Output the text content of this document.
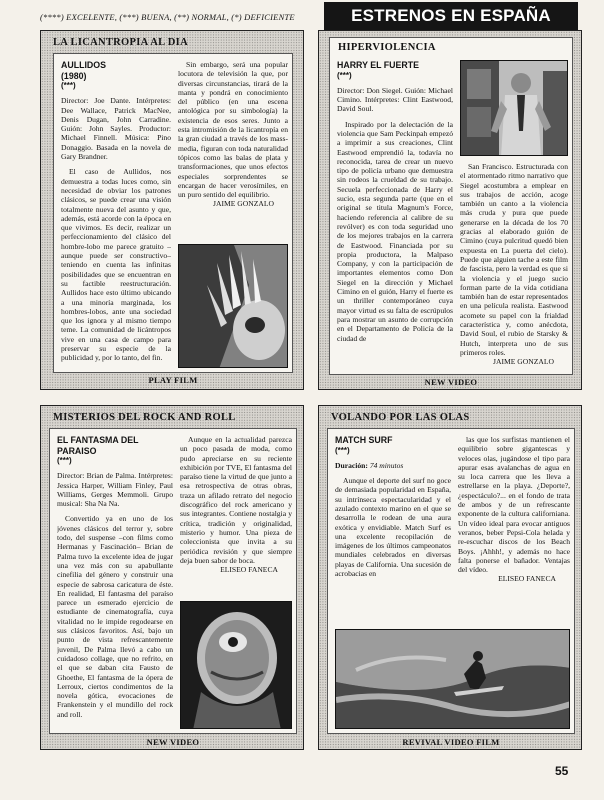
(****) EXCELENTE, (***) BUENA, (**) NORMAL, (*) DEFICIENTE	ESTRENOS EN ESPAÑA
LA LICANTROPIA AL DIA
AULLIDOS
(1980)
(***)
Director: Joe Dante. Intérpretes: Dee Wallace, Patrick MacNee, Denis Dugan, John Carradine. Guión: John Sayles. Productor: Michael Finnell. Música: Pino Donaggio. Basada en la novela de Gary Brandner.

El caso de Aullidos, nos demuestra a todas luces como, sin necesidad de obviar los patrones clásicos, se puede crear una visión totalmente nueva del asunto y que, además, está acorde con la época en que vivimos. Es decir, realizar un perfeccionamiento del clásico del hombre-lobo me parece gratuito –aunque puede ser constructivo– teniendo en cuenta las infinitas posibilidades que se encuentran en su factible reestructuración. Aullidos hace esto último ubicando a una minoría marginada, los hombres-lobos, ante una sociedad que los ignora y al mismo tiempo teme. La comunidad de licántropos vive en una casa de campo para preservar su especie de la publicidad y, por lo tanto, del fin.

Sin embargo, será una popular locutora de televisión la que, por diversas circunstancias, tirará de la manta y pondrá en conocimiento del público (en una escena antológica por su simbología) la existencia de esos seres. Junto a esta intromisión de la licantropía en la gran ciudad a través de los mass-media, figuran con toda naturalidad tópicos como las balas de plata y transformaciones, que unos efectos especiales sorprendentes se encargan de hacer verosímiles, en un puro sentido del equilibrio.

JAIME GONZALO
PLAY FILM
HIPERVIOLENCIA
HARRY EL FUERTE
(***)
Director: Don Siegel. Guión: Michael Cimino. Intérpretes: Clint Eastwood, David Soul.

Inspirado por la delectación de la violencia que Sam Peckinpah empezó a imprimir a sus creaciones, Clint Eastwood emprendió la, todavía no reconocida, tarea de crear un nuevo tipo de policía urbano que demuestra sin rodeos la crueldad de su trabajo. Secuela perfeccionada de Harry el sucio, esta segunda parte (que en el original se titula Magnum's Force, haciendo referencia al calibre de su revólver) es con toda seguridad uno de los mejores trabajos en la carrera de Eastwood. Financiada por su propia productora, la Malpaso Company, y con la participación de importantes elementos como Don Siegel en la dirección y Michael Cimino en el guión, Harry el fuerte es un thriller contemporáneo cuya mayor virtud es su falta de escrúpulos para mostrar un asunto de corrupción en el Departamento de Policía de la ciudad de

San Francisco. Estructurada con el atormentado ritmo narrativo que Siegel acostumbra a emplear en sus trabajos de acción, acoge también un canto a la violencia más cruda y pura que puede generarse en la década de los 70 gracias al elaborado guión de Cimino (cuya pulcritud quedó bien expuesta en La puerta del cielo). Puede que alguien tache a este film de fascista, pero la verdad es que si la violencia y el juego sucio forman parte de la vida cotidiana también han de estar representados en una película realista. Eastwood acomete su papel con la frialdad característica y, como anécdota, David Soul, el rubio de Starsky & Hutch, interpreta uno de sus primeros roles.

JAIME GONZALO
NEW VIDEO
MISTERIOS DEL ROCK AND ROLL
EL FANTASMA DEL
PARAISO
(***)
Director: Brian de Palma. Intérpretes: Jessica Harper, William Finley, Paul Williams, Gerges Memmoli. Grupo musical: Sha Na Na.

Convertido ya en uno de los jóvenes clásicos del terror y, sobre todo, del suspense –con films como Hermanas y Fascinación– Brian de Palma tuvo la excelente idea de jugar una vez más con su apabullante cinefilia del género y construir una especie de sabrosa caricatura de éste. En realidad, El fantasma del paraíso parece un esmerado ejercicio de estudiante de cinematografía, cuya vitalidad no le impide regodearse en sus clásicos favoritos. Así, bajo un punto de vista refrescantemente juvenil, De Palma llevó a cabo un cuidadoso collage, que no refrito, en el que se daban cita Fausto de Ghoethe, El fantasma de la ópera de Lerroux, ciertos condimentos de la novela gótica, evocaciones de Frankenstein y el mundillo del rock and roll.

Aunque en la actualidad parezca un poco pasada de moda, como pudo apreciarse en su reciente exhibición por TVE, El fantasma del paraíso tiene la virtud de que junto a esa retrospectiva de otras obras, traza un afilado retrato del negocio discográfico del rock americano y sus integrantes. Contiene nostalgia y crítica, tradición y originalidad, misterio y humor. Una pieza de coleccionista que invita a su periódica revisión y que siempre deja buen sabor de boca.

ELISEO FANECA
NEW VIDEO
VOLANDO POR LAS OLAS
MATCH SURF
(***)
Duración: 74 minutos

Aunque el deporte del surf no goce de demasiada popularidad en España, su intrínseca espectacularidad y el azulado contexto marino en el que se desarrolla le rodean de una aura exótica y envidiable. Match Surf es una excelente recopilación de imágenes de los últimos campeonatos mundiales celebrados en diversas playas de California. Una sucesión de acrobacias en

las que los surfistas mantienen el equilibrio sobre gigantescas y veloces olas, jugándose el tipo para apurar esas avalanchas de agua en su loca carrera que les lleva a estrellarse en la playa. ¿Deporte?, ¿espectáculo?... en el fondo de trata de ambos y de un refrescante exponente de la cultura californiana. Un vídeo ideal para evocar antiguos veranos, beber Pepsi-Cola helada y re-escuchar discos de los Beach Boys. ¡Ahhh!, y además no hace falta ponerse el bañador. Ventajas del vídeo.

ELISEO FANECA
REVIVAL VIDEO FILM
55
